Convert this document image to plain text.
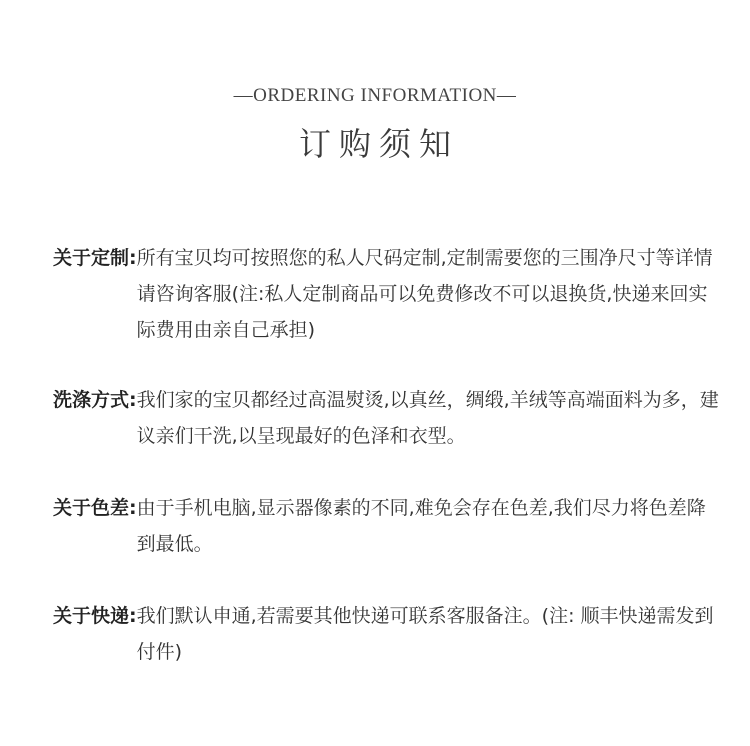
—ORDERING INFORMATION—
订购须知
关于定制: 所有宝贝均可按照您的私人尺码定制,定制需要您的三围净尺寸等详情请咨询客服(注:私人定制商品可以免费修改不可以退换货,快递来回实际费用由亲自己承担)
洗涤方式: 我们家的宝贝都经过高温熨烫,以真丝，绸缎,羊绒等高端面料为多，建议亲们干洗,以呈现最好的色泽和衣型。
关于色差: 由于手机电脑,显示器像素的不同,难免会存在色差,我们尽力将色差降到最低。
关于快递: 我们默认申通,若需要其他快递可联系客服备注。(注: 顺丰快递需发到付件)
